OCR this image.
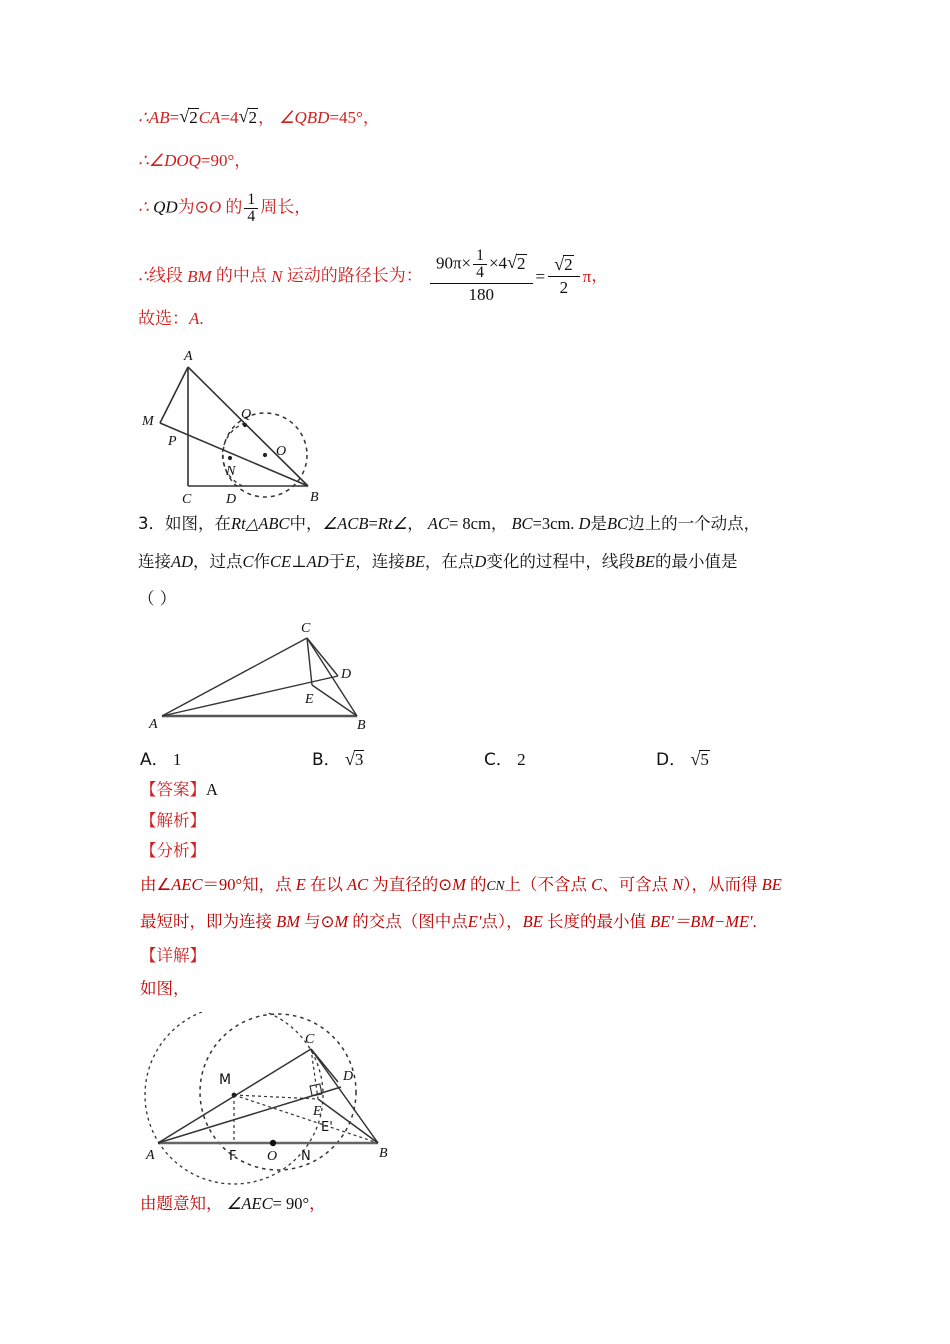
∴AB= √ 2CA=4 √ 2， ∠QBD=45°，
∴∠DOQ=90°，
∴ QD为⊙O 的 $\frac{1}{4}$ 周长，
∴ 线段
BM
的中点
N
运动的路径长为：
$\frac{90\pi\times \frac{1}{4} \times 4 √ 2}{180}$ = √ $\frac{2}{2}$ π ，
故选：A.
A
M	Q
P
O
N
C D	B
3．如图，在Rt△ABC中，∠ACB=Rt∠， AC= 8cm， BC=3cm. D是BC边上的一个动点，
连接AD，过点C作CE⊥AD于E，连接BE，在点D变化的过程中，线段BE的最小值是
（ ）
C
D
E
A	B
A． 1	B． √ 3	C． 2	D． √ 5
【答案】A
【解析】
【分析】
由∠AEC＝90°知，点 E 在以 AC 为直径的⊙M 的CN上（不含点 C、可含点 N），从而得 BE
最短时，即为连接 BM 与⊙M 的交点（图中点E'点），BE 长度的最小值 BE'＝BM−ME'.
【详解】
如图，
C
M	D
E
E'
A	F O N	B
由题意知， ∠AEC= 90°，
